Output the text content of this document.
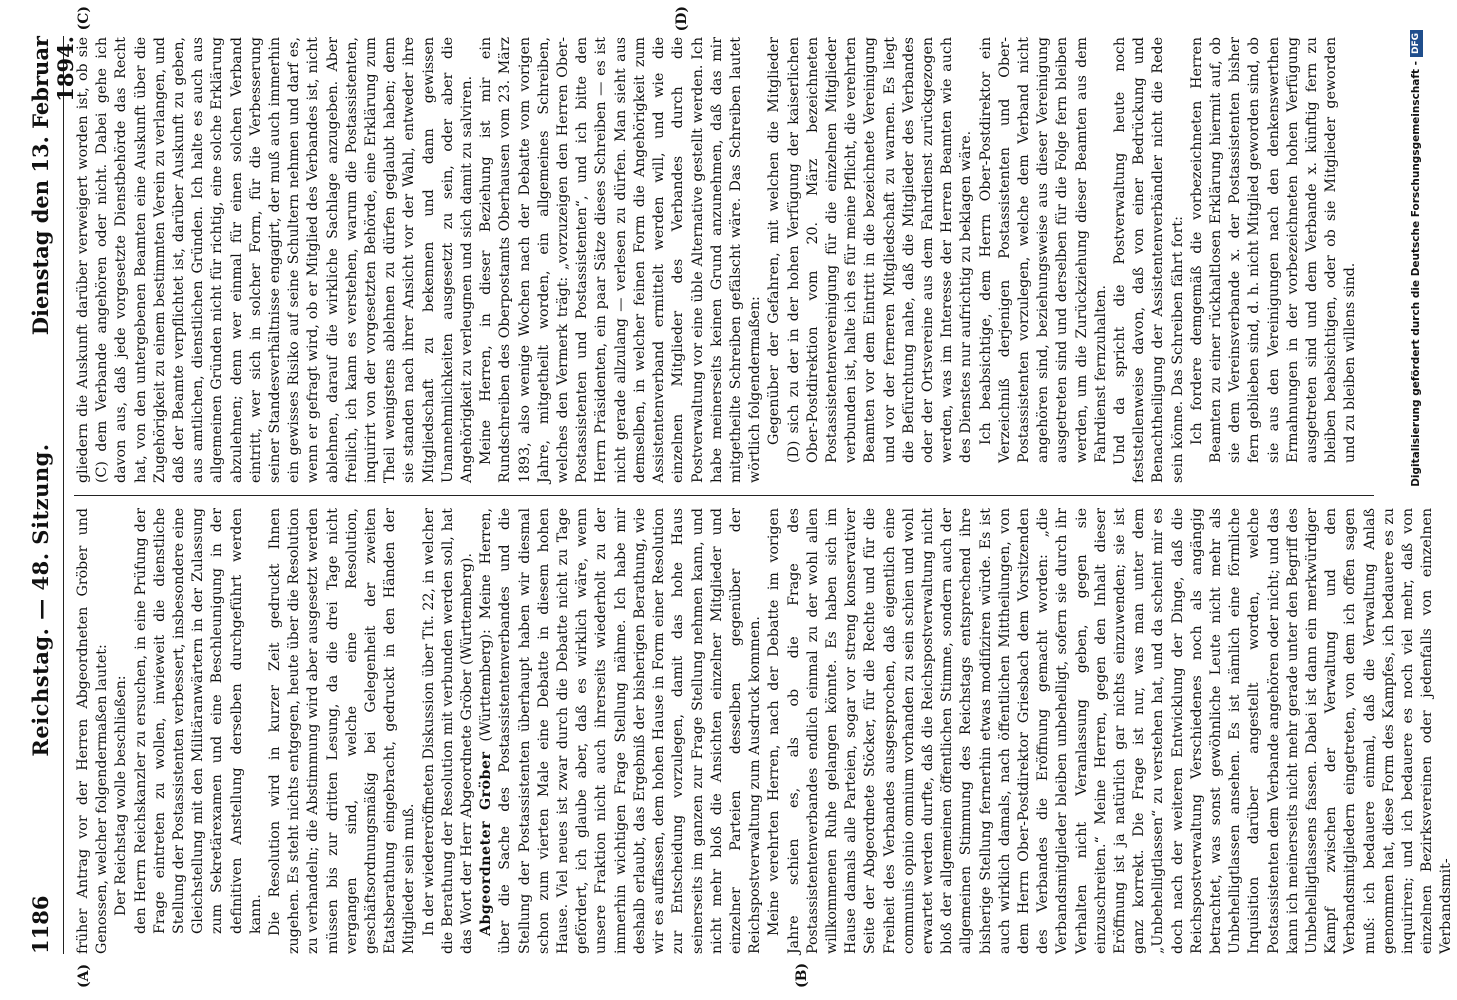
1186
Reichstag. — 48. Sitzung.
Dienstag den 13. Februar 1894.
(A)	(B)
(C)	(D)

früher Antrag vor der Herren Abgeordneten Gröber und Genossen, welcher folgendermaßen lautet: Der Reichstag wolle beschließen: den Herrn Reichskanzler zu ersuchen, in eine Prüfung der Frage eintreten zu wollen, inwieweit die dienstliche Stellung der Postassistenten verbessert, insbesondere eine Gleichstellung mit den Militäranwärtern in der Zulassung zum Sekretärexamen und eine Beschleunigung in der definitiven Anstellung derselben durchgeführt werden kann. Die Resolution wird in kurzer Zeit gedruckt Ihnen zugehen. Es steht nichts entgegen, heute über die Resolution zu verhandeln; die Abstimmung wird aber ausgesetzt werden müssen bis zur dritten Lesung, da die drei Tage nicht vergangen sind, welche eine Resolution, geschäftsordnungsmäßig bei Gelegenheit der zweiten Etatsberathung eingebracht, gedruckt in den Händen der Mitglieder sein muß. In der wiedereröffneten Diskussion über Tit. 22, in welcher die Berathung der Resolution mit verbunden werden soll, hat das Wort der Herr Abgeordnete Gröber (Württemberg). Abgeordneter Gröber (Württemberg): Meine Herren, über die Sache des Postassistentenverbandes und die Stellung der Postassistenten überhaupt haben wir diesmal schon zum vierten Male eine Debatte in diesem hohen Hause. Viel neues ist zwar durch die Debatte nicht zu Tage gefördert, ich glaube aber, daß es wirklich wäre, wenn unsere Fraktion nicht auch ihrerseits wiederholt zu der immerhin wichtigen Frage Stellung nähme. Ich habe mir deshalb erlaubt, das Ergebniß der bisherigen Berathung, wie wir es auffassen, dem hohen Hause in Form einer Resolution zur Entscheidung vorzulegen, damit das hohe Haus seinerseits im ganzen zur Frage Stellung nehmen kann, und nicht mehr bloß die Ansichten einzelner Mitglieder und einzelner Parteien desselben gegenüber der Reichspostverwaltung zum Ausdruck kommen. Meine verehrten Herren, nach der Debatte im vorigen Jahre schien es, als ob die Frage des Postassistentenverbandes endlich einmal zu der wohl allen willkommenen Ruhe gelangen könnte. Es haben sich im Hause damals alle Parteien, sogar vor streng konservativer Seite der Abgeordnete Stöcker, für die Rechte und für die Freiheit des Verbandes ausgesprochen, daß eigentlich eine communis opinio omnium vorhanden zu sein schien und wohl erwartet werden durfte, daß die Reichspostverwaltung nicht bloß der allgemeinen öffentlichen Stimme, sondern auch der allgemeinen Stimmung des Reichstags entsprechend ihre bisherige Stellung fernerhin etwas modifiziren würde. Es ist auch wirklich damals, nach öffentlichen Mittheilungen, von dem Herrn Ober-Postdirektor Griesbach dem Vorsitzenden des Verbandes die Eröffnung gemacht worden: „die Verbandsmitglieder bleiben unbehelligt, sofern sie durch ihr Verhalten nicht Veranlassung geben, gegen sie einzuschreiten.“ Meine Herren, gegen den Inhalt dieser Eröffnung ist ja natürlich gar nichts einzuwenden; sie ist ganz korrekt. Die Frage ist nur, was man unter dem „Unbehelligtlassen“ zu verstehen hat, und da scheint mir es doch nach der weiteren Entwicklung der Dinge, daß die Reichspostverwaltung Verschiedenes noch als angängig betrachtet, was sonst gewöhnliche Leute nicht mehr als Unbehelligtlassen ansehen. Es ist nämlich eine förmliche Inquisition darüber angestellt worden, welche Postassistenten dem Verbande angehören oder nicht; und das kann ich meinerseits nicht mehr gerade unter den Begriff des Unbehelligtlassens fassen. Dabei ist dann ein merkwürdiger Kampf zwischen der Verwaltung und den Verbandsmitgliedern eingetreten, von dem ich offen sagen muß: ich bedauere einmal, daß die Verwaltung Anlaß genommen hat, diese Form des Kampfes, ich bedauere es zu inquiriren; und ich bedauere es noch viel mehr, daß von einzelnen Bezirksvereinen oder jedenfalls von einzelnen Verbandsmit-

gliedern die Auskunft darüber verweigert worden ist, ob sie (C) dem Verbande angehören oder nicht. Dabei gehe ich davon aus, daß jede vorgesetzte Dienstbehörde das Recht hat, von den untergebenen Beamten eine Auskunft über die Zugehörigkeit zu einem bestimmten Verein zu verlangen, und daß der Beamte verpflichtet ist, darüber Auskunft zu geben, aus amtlichen, dienstlichen Gründen. Ich halte es auch aus allgemeinen Gründen nicht für richtig, eine solche Erklärung abzulehnen; denn wer einmal für einen solchen Verband eintritt, wer sich in solcher Form, für die Verbesserung seiner Standesverhältnisse engagirt, der muß auch immerhin ein gewisses Risiko auf seine Schultern nehmen und darf es, wenn er gefragt wird, ob er Mitglied des Verbandes ist, nicht ablehnen, darauf die wirkliche Sachlage anzugeben. Aber freilich, ich kann es verstehen, warum die Postassistenten, inquirirt von der vorgesetzten Behörde, eine Erklärung zum Theil wenigstens ablehnen zu dürfen geglaubt haben; denn sie standen nach ihrer Ansicht vor der Wahl, entweder ihre Mitgliedschaft zu bekennen und dann gewissen Unannehmlichkeiten ausgesetzt zu sein, oder aber die Angehörigkeit zu verleugnen und sich damit zu salviren. Meine Herren, in dieser Beziehung ist mir ein Rundschreiben des Oberpostamts Oberhausen vom 23. März 1893, also wenige Wochen nach der Debatte vom vorigen Jahre, mitgetheilt worden, ein allgemeines Schreiben, welches den Vermerk trägt: „vorzuzeigen den Herren Ober-Postassistenten und Postassistenten“, und ich bitte den Herrn Präsidenten, ein paar Sätze dieses Schreiben — es ist nicht gerade allzulang — verlesen zu dürfen. Man sieht aus demselben, in welcher feinen Form die Angehörigkeit zum Assistentenverband ermittelt werden will, und wie die einzelnen Mitglieder des Verbandes durch die Postverwaltung vor eine üble Alternative gestellt werden. Ich habe meinerseits keinen Grund anzunehmen, daß das mir mitgetheilte Schreiben gefälscht wäre. Das Schreiben lautet wörtlich folgendermaßen: Gegenüber der Gefahren, mit welchen die Mitglieder (D) sich zu der in der hohen Verfügung der kaiserlichen Ober-Postdirektion vom 20. März bezeichneten Postassistentenvereinigung für die einzelnen Mitglieder verbunden ist, halte ich es für meine Pflicht, die verehrten Beamten vor dem Eintritt in die bezeichnete Vereinigung und vor der ferneren Mitgliedschaft zu warnen. Es liegt die Befürchtung nahe, daß die Mitglieder des Verbandes oder der Ortsvereine aus dem Fahrdienst zurückgezogen werden, was im Interesse der Herren Beamten wie auch des Dienstes nur aufrichtig zu beklagen wäre. Ich beabsichtige, dem Herrn Ober-Postdirektor ein Verzeichniß derjenigen Postassistenten und Ober-Postassistenten vorzulegen, welche dem Verband nicht angehören sind, beziehungsweise aus dieser Vereinigung ausgetreten sind und derselben für die Folge fern bleiben werden, um die Zurückziehung dieser Beamten aus dem Fahrdienst fernzuhalten. Und da spricht die Postverwaltung heute noch feststellenweise davon, daß von einer Bedrückung und Benachtheiligung der Assistentenverbändler nicht die Rede sein könne. Das Schreiben fährt fort: Ich fordere demgemäß die vorbezeichneten Herren Beamten zu einer rückhaltlosen Erklärung hiermit auf, ob sie dem Vereinsverbande x. der Postassistenten bisher fern geblieben sind, d. h. nicht Mitglied geworden sind, ob sie aus den Vereinigungen nach den denkenswerthen Ermahnungen in der vorbezeichneten hohen Verfügung ausgetreten sind und dem Verbande x. künftig fern zu bleiben beabsichtigen, oder ob sie Mitglieder geworden und zu bleiben willens sind.	Digitalisierung gefördert durch die Deutsche Forschungsgemeinschaft -DFG
